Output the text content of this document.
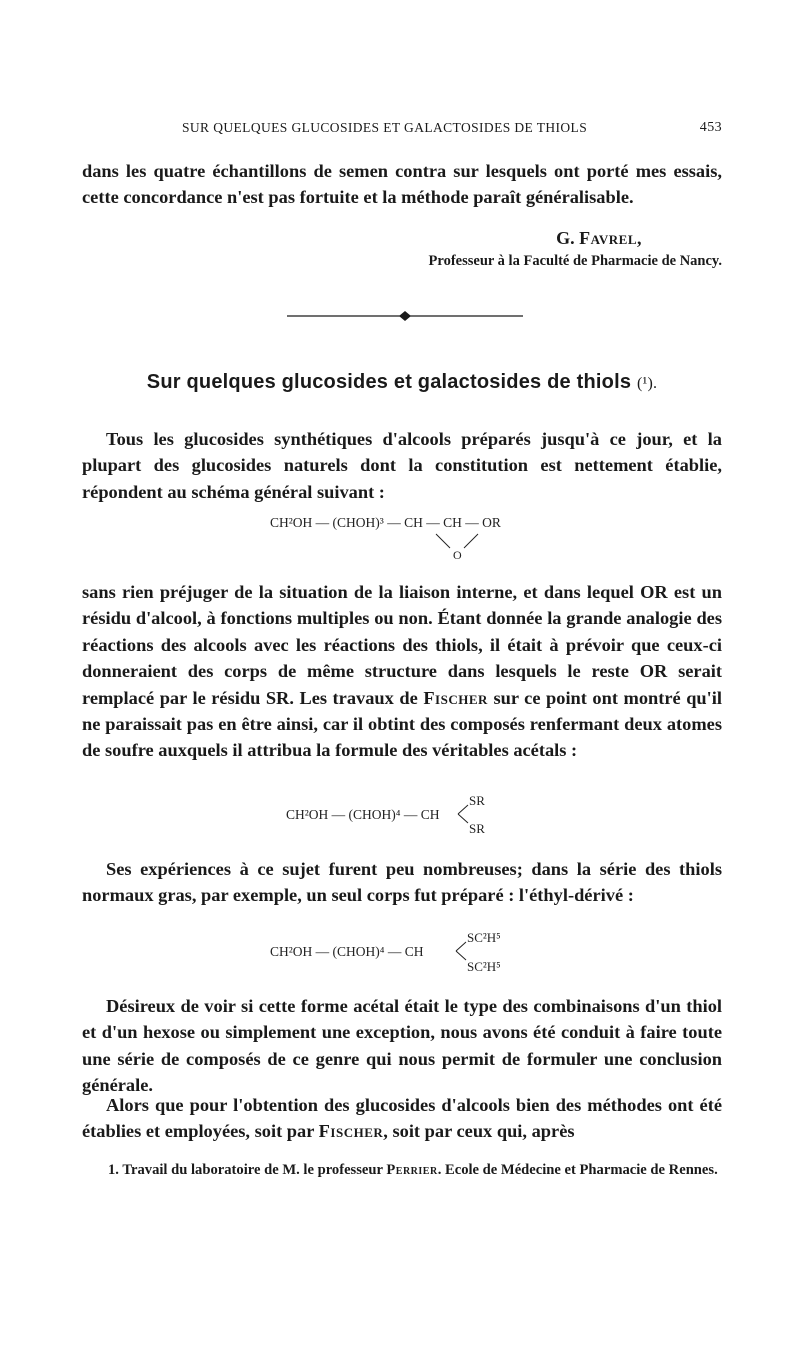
SUR QUELQUES GLUCOSIDES ET GALACTOSIDES DE THIOLS	453

dans les quatre échantillons de semen contra sur lesquels ont porté mes essais, cette concordance n'est pas fortuite et la méthode paraît généralisable.

G. Favrel,
Professeur à la Faculté de Pharmacie de Nancy.
Sur quelques glucosides et galactosides de thiols (¹).

Tous les glucosides synthétiques d'alcools préparés jusqu'à ce jour, et la plupart des glucosides naturels dont la constitution est nettement établie, répondent au schéma général suivant :

CH²OH — (CHOH)³ — CH — CH — OR
O

sans rien préjuger de la situation de la liaison interne, et dans lequel OR est un résidu d'alcool, à fonctions multiples ou non. Étant donnée la grande analogie des réactions des alcools avec les réactions des thiols, il était à prévoir que ceux-ci donneraient des corps de même structure dans lesquels le reste OR serait remplacé par le résidu SR. Les travaux de Fischer sur ce point ont montré qu'il ne paraissait pas en être ainsi, car il obtint des composés renfermant deux atomes de soufre auxquels il attribua la formule des véritables acétals :

CH²OH — (CHOH)⁴ — CH
SR
SR

Ses expériences à ce sujet furent peu nombreuses; dans la série des thiols normaux gras, par exemple, un seul corps fut préparé : l'éthyl-dérivé :

CH²OH — (CHOH)⁴ — CH
SC²H⁵
SC²H⁵

Désireux de voir si cette forme acétal était le type des combinaisons d'un thiol et d'un hexose ou simplement une exception, nous avons été conduit à faire toute une série de composés de ce genre qui nous permit de formuler une conclusion générale.

Alors que pour l'obtention des glucosides d'alcools bien des méthodes ont été établies et employées, soit par Fischer, soit par ceux qui, après

1. Travail du laboratoire de M. le professeur Perrier. Ecole de Médecine et Pharmacie de Rennes.
